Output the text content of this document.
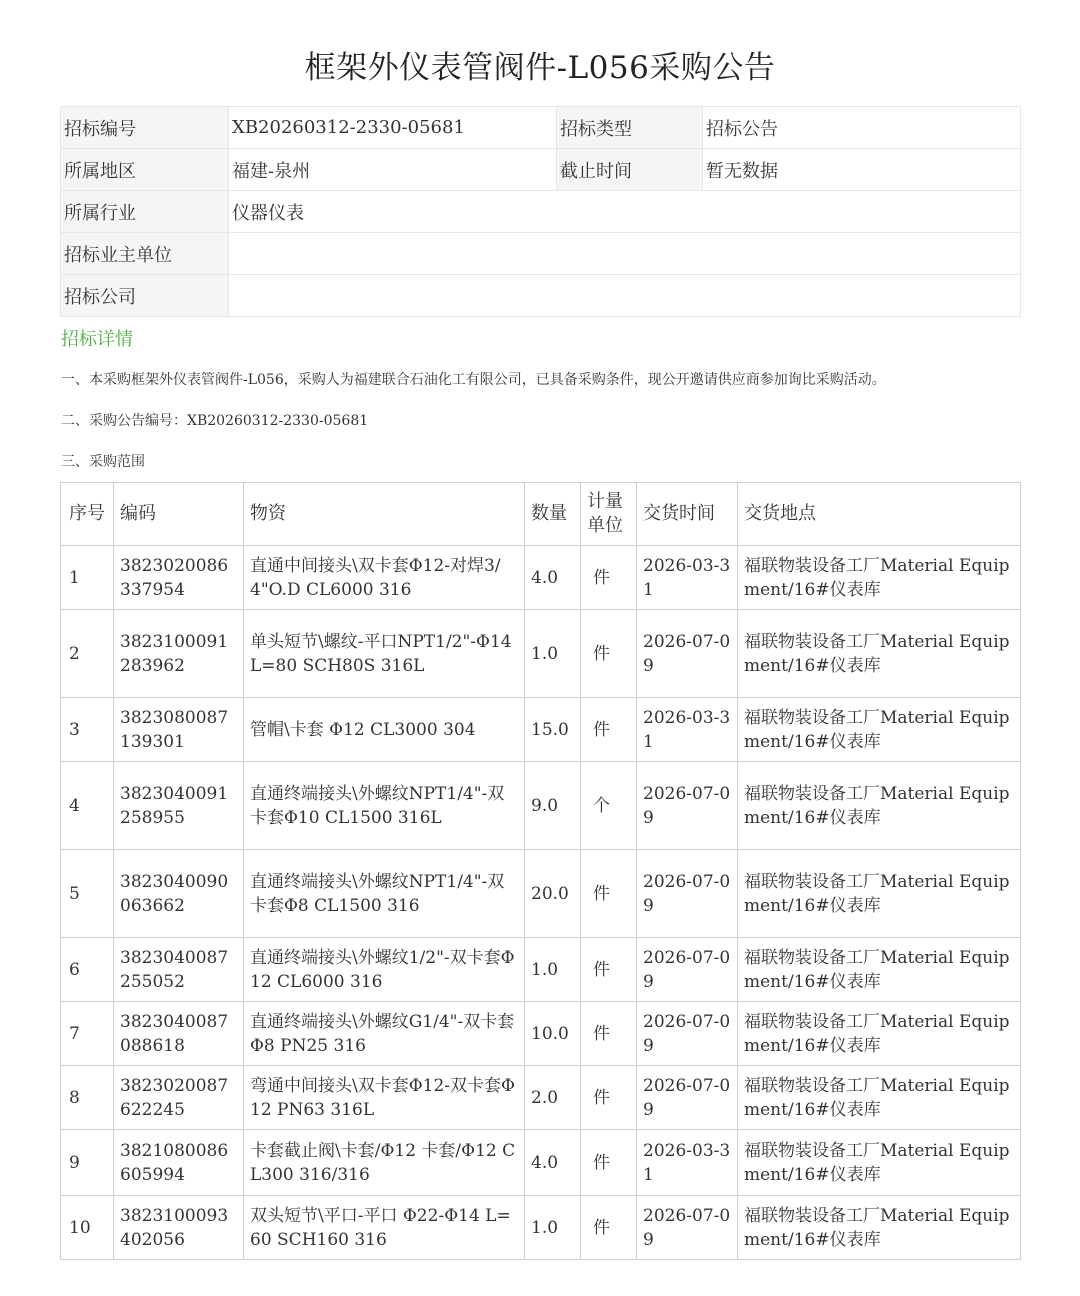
框架外仪表管阀件-L056采购公告
招标编号	XB20260312-2330-05681	招标类型	招标公告
所属地区	福建-泉州	截止时间	暂无数据
所属行业	仪器仪表		
招标业主单位			
招标公司			
招标详情
一、本采购框架外仪表管阀件-L056，采购人为福建联合石油化工有限公司，已具备采购条件，现公开邀请供应商参加询比采购活动。
二、采购公告编号：XB20260312-2330-05681
三、采购范围
序号	编码	物资	数量	计量单位	交货时间	交货地点
1	3823020086337954	直通中间接头\双卡套Φ12-对焊3/4"O.D CL6000 316	4.0	件	2026-03-31	福联物装设备工厂Material Equipment/16#仪表库
2	3823100091283962	单头短节\螺纹-平口NPT1/2"-Φ14 L=80 SCH80S 316L	1.0	件	2026-07-09	福联物装设备工厂Material Equipment/16#仪表库
3	3823080087139301	管帽\卡套 Φ12 CL3000 304	15.0	件	2026-03-31	福联物装设备工厂Material Equipment/16#仪表库
4	3823040091258955	直通终端接头\外螺纹NPT1/4"-双卡套Φ10 CL1500 316L	9.0	个	2026-07-09	福联物装设备工厂Material Equipment/16#仪表库
5	3823040090063662	直通终端接头\外螺纹NPT1/4"-双卡套Φ8 CL1500 316	20.0	件	2026-07-09	福联物装设备工厂Material Equipment/16#仪表库
6	3823040087255052	直通终端接头\外螺纹1/2"-双卡套Φ12 CL6000 316	1.0	件	2026-07-09	福联物装设备工厂Material Equipment/16#仪表库
7	3823040087088618	直通终端接头\外螺纹G1/4"-双卡套Φ8 PN25 316	10.0	件	2026-07-09	福联物装设备工厂Material Equipment/16#仪表库
8	3823020087622245	弯通中间接头\双卡套Φ12-双卡套Φ12 PN63 316L	2.0	件	2026-07-09	福联物装设备工厂Material Equipment/16#仪表库
9	3821080086605994	卡套截止阀\卡套/Φ12 卡套/Φ12 CL300 316/316	4.0	件	2026-03-31	福联物装设备工厂Material Equipment/16#仪表库
10	3823100093402056	双头短节\平口-平口 Φ22-Φ14 L=60 SCH160 316	1.0	件	2026-07-09	福联物装设备工厂Material Equipment/16#仪表库
